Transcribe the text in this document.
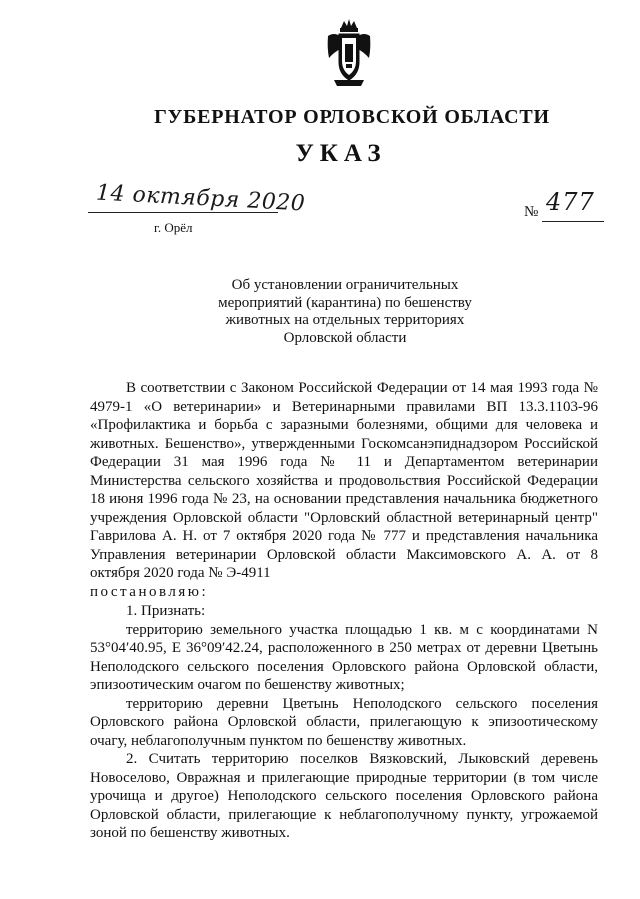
ГУБЕРНАТОР ОРЛОВСКОЙ ОБЛАСТИ
УКАЗ
14 октября 2020
г. Орёл
№ 477
Об установлении ограничительных
мероприятий (карантина) по бешенству
животных на отдельных территориях
Орловской области

В соответствии с Законом Российской Федерации от 14 мая 1993 года № 4979-1 «О ветеринарии» и Ветеринарными правилами ВП 13.3.1103-96 «Профилактика и борьба с заразными болезнями, общими для человека и животных. Бешенство», утвержденными Госкомсанэпиднадзором Российской Федерации 31 мая 1996 года № 11 и Департаментом ветеринарии Министерства сельского хозяйства и продовольствия Российской Федерации 18 июня 1996 года № 23, на основании представления начальника бюджетного учреждения Орловской области "Орловский областной ветеринарный центр" Гаврилова А. Н. от 7 октября 2020 года № 777 и представления начальника Управления ветеринарии Орловской области Максимовского А. А. от 8 октября 2020 года № Э-4911

постановляю:

1. Признать:

территорию земельного участка площадью 1 кв. м с координатами N 53°04′40.95, E 36°09′42.24, расположенного в 250 метрах от деревни Цветынь Неполодского сельского поселения Орловского района Орловской области, эпизоотическим очагом по бешенству животных;

территорию деревни Цветынь Неполодского сельского поселения Орловского района Орловской области, прилегающую к эпизоотическому очагу, неблагополучным пунктом по бешенству животных.

2. Считать территорию поселков Вязковский, Лыковский деревень Новоселово, Овражная и прилегающие природные территории (в том числе урочища и другое) Неполодского сельского поселения Орловского района Орловской области, прилегающие к неблагополучному пункту, угрожаемой зоной по бешенству животных.
